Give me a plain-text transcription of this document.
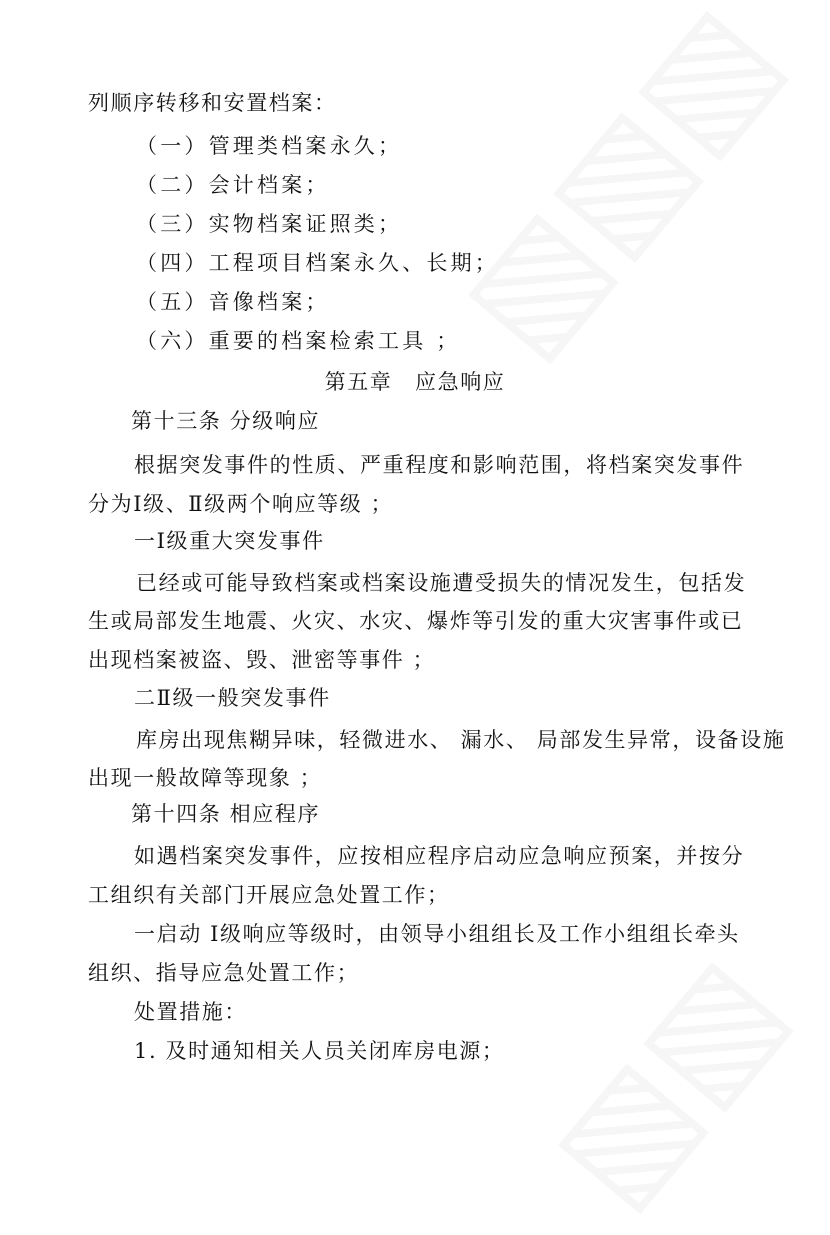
列顺序转移和安置档案：
（一）管理类档案永久；
（二）会计档案；
（三）实物档案证照类；
（四）工程项目档案永久、长期；
（五）音像档案；
（六）重要的档案检索工具 ；
第五章　应急响应
第十三条 分级响应
根据突发事件的性质、严重程度和影响范围，将档案突发事件
分为Ⅰ级、Ⅱ级两个响应等级 ；
一Ⅰ级重大突发事件
已经或可能导致档案或档案设施遭受损失的情况发生，包括发
生或局部发生地震、火灾、水灾、爆炸等引发的重大灾害事件或已
出现档案被盗、毁、泄密等事件 ；
二Ⅱ级一般突发事件
库房出现焦糊异味，轻微进水、 漏水、 局部发生异常，设备设施
出现一般故障等现象 ；
第十四条 相应程序
如遇档案突发事件，应按相应程序启动应急响应预案，并按分
工组织有关部门开展应急处置工作；
一启动 Ⅰ级响应等级时，由领导小组组长及工作小组组长牵头
组织、指导应急处置工作；
处置措施：
1. 及时通知相关人员关闭库房电源；
